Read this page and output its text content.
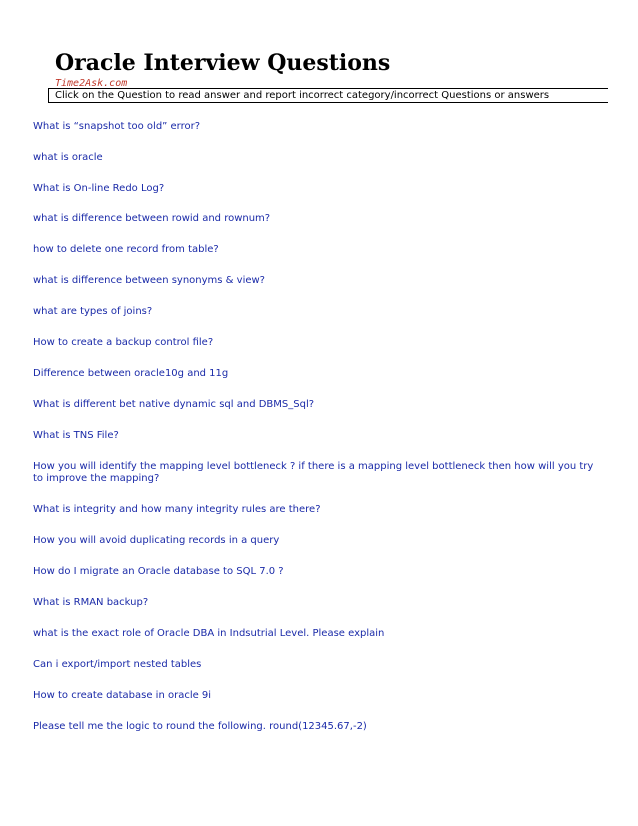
Oracle Interview Questions
Time2Ask.com
Click on the Question to read answer and report incorrect category/incorrect Questions or answers
What is “snapshot too old” error?
what is oracle
What is On-line Redo Log?
what is difference between rowid and rownum?
how to delete one record from table?
what is difference between synonyms & view?
what are types of joins?
How to create a backup control file?
Difference between oracle10g and 11g
What is different bet native dynamic sql and DBMS_Sql?
What is TNS File?
How you will identify the mapping level bottleneck ? if there is a mapping level bottleneck then how will you try to improve the mapping?
What is integrity and how many integrity rules are there?
How you will avoid duplicating records in a query
How do I migrate an Oracle database to SQL 7.0 ?
What is RMAN backup?
what is the exact role of Oracle DBA in Indsutrial Level. Please explain
Can i export/import nested tables
How to create database in oracle 9i
Please tell me the logic to round the following. round(12345.67,-2)
